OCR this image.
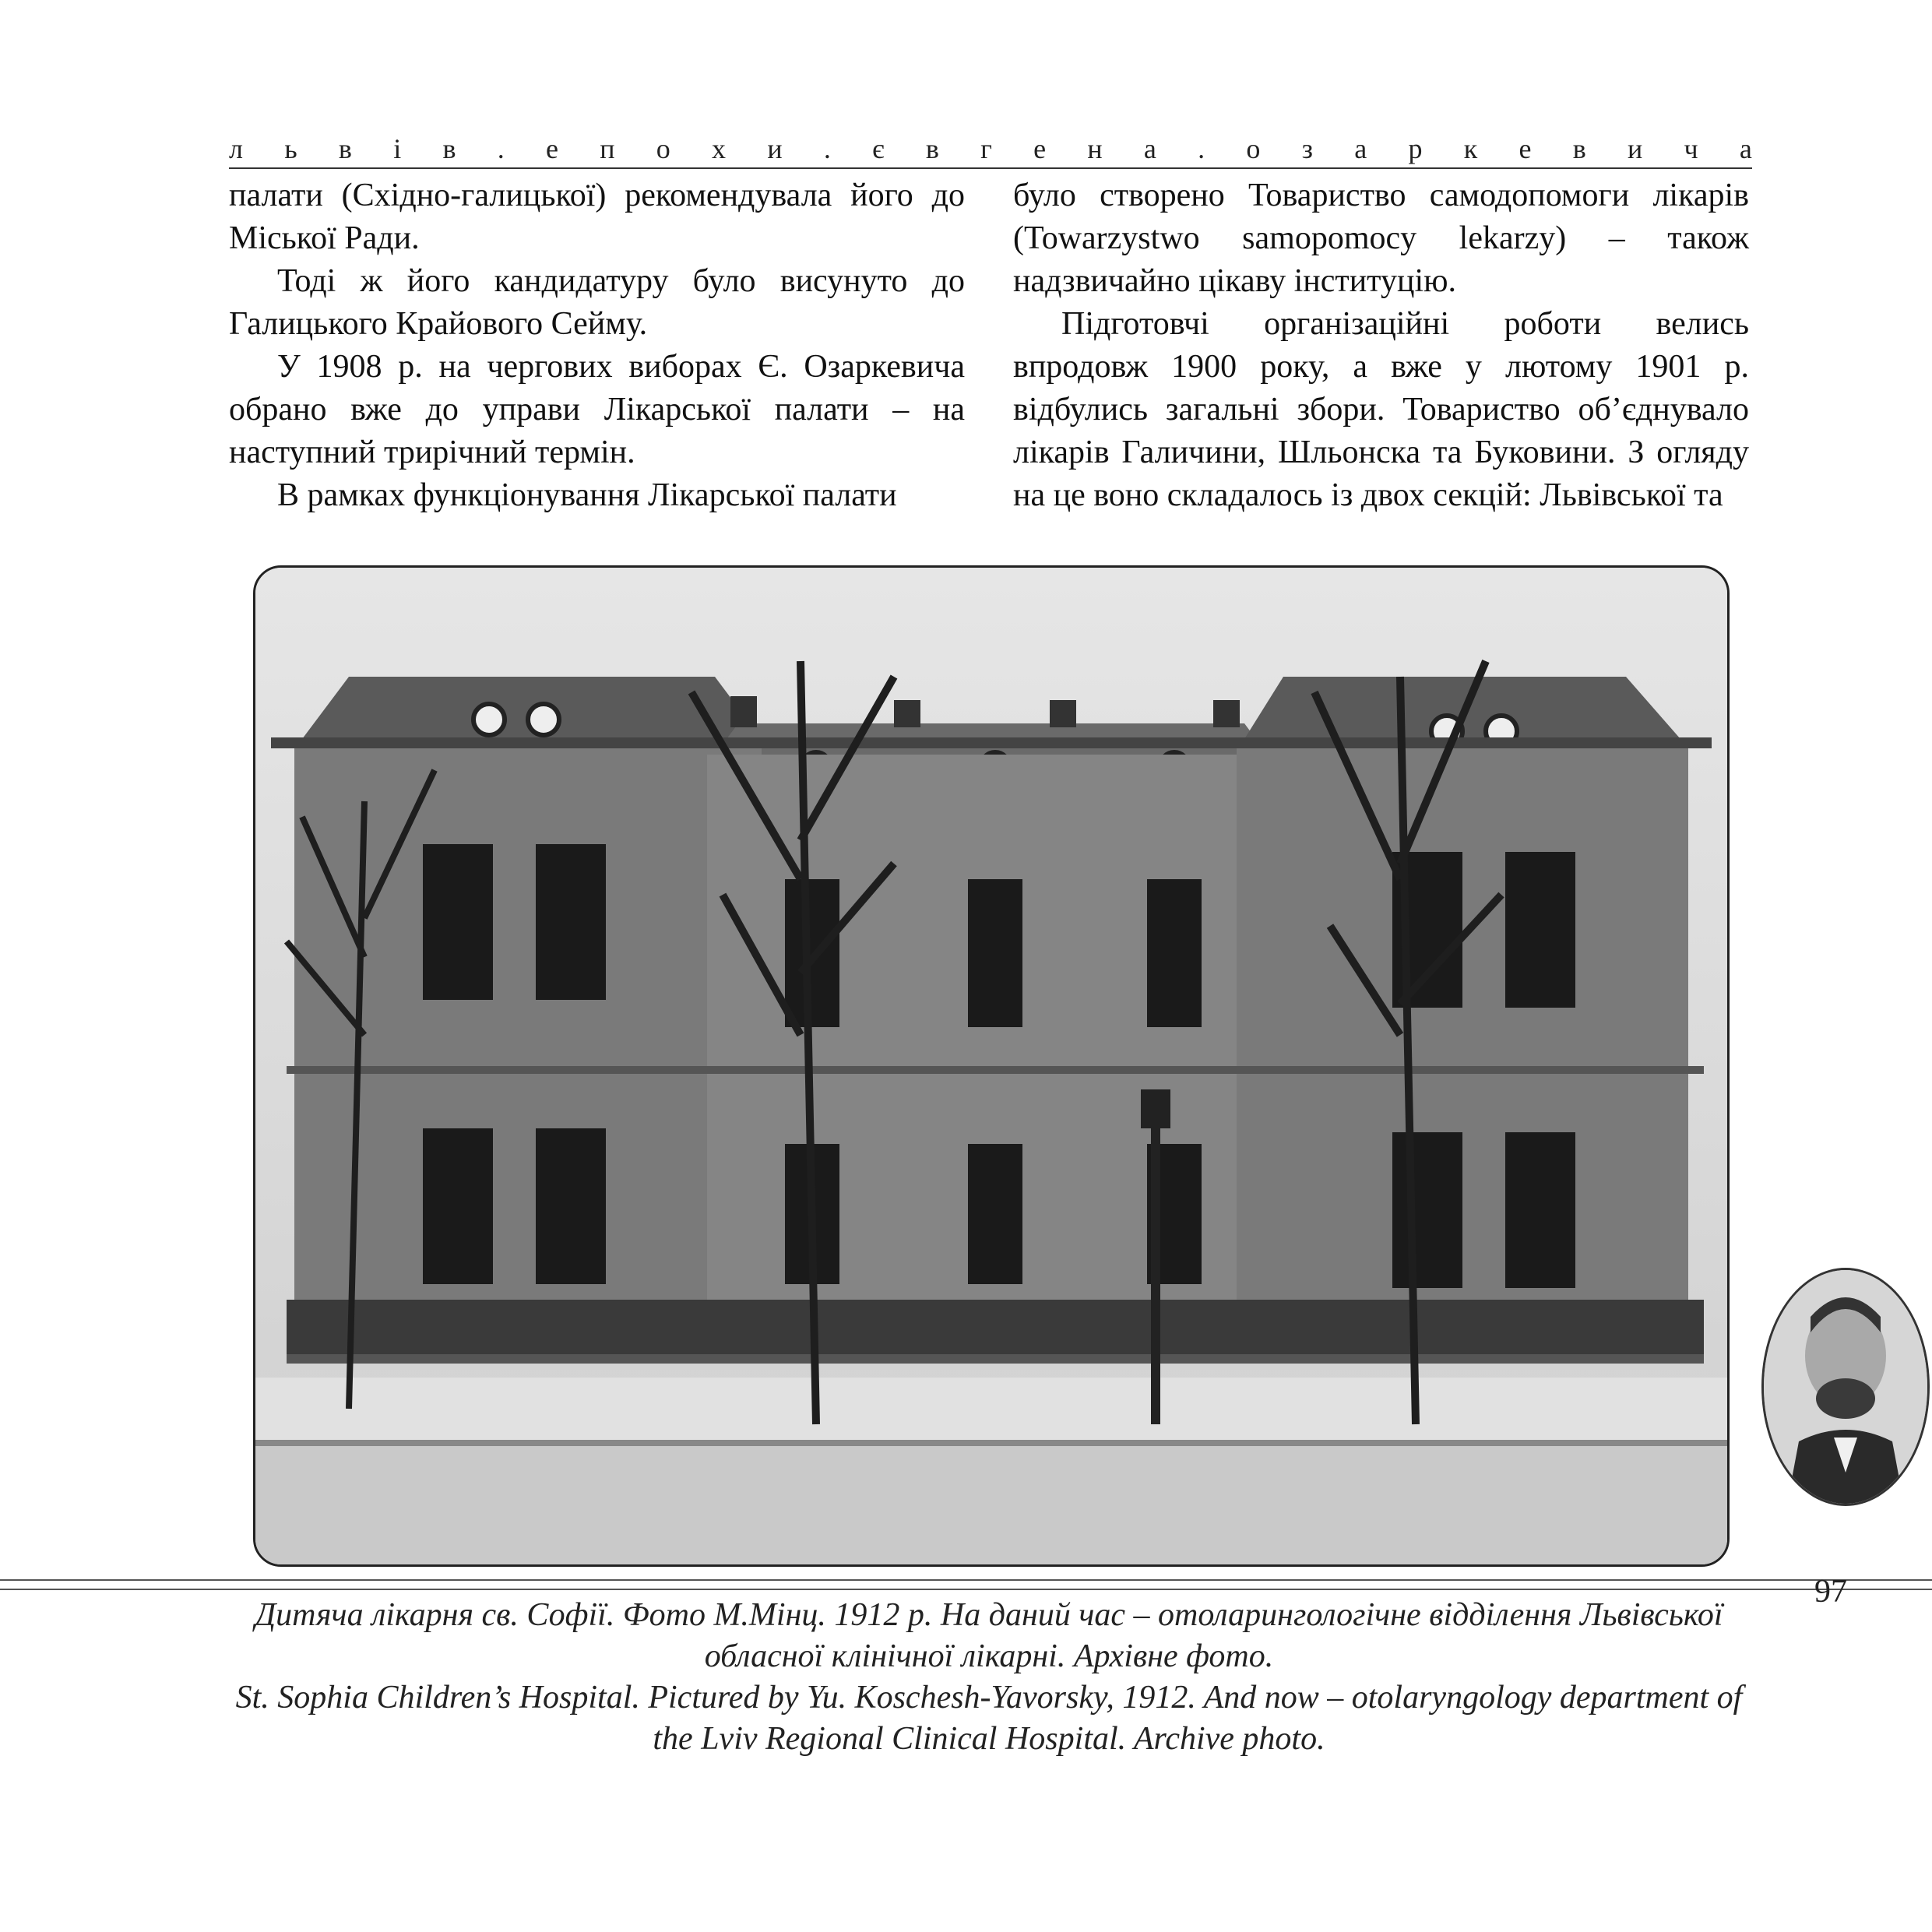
л ь в і в . е п о х и . є в г е н а . о з а р к е в и ч а

палати (Східно-галицької) рекомендувала його до Міської Ради.

Тоді ж його кандидатуру було висунуто до Галицького Крайового Сейму.

У 1908 р. на чергових виборах Є. Озаркевича обрано вже до управи Лікарської палати – на наступний трирічний термін.

В рамках функціонування Лікарської палати

було створено Товариство самодопомоги лікарів (Towarzystwo samopomocy lekarzy) – також надзвичайно цікаву інституцію.

Підготовчі організаційні роботи велись впродовж 1900 року, а вже у лютому 1901 р. відбулись загальні збори. Товариство об’єднувало лікарів Галичини, Шльонска та Буковини. З огляду на це воно складалось із двох секцій: Львівської та

97

Дитяча лікарня св. Софії. Фото М.Мінц. 1912 р. На даний час – отоларингологічне відділення Львівської обласної клінічної лікарні. Архівне фото.

St. Sophia Children’s Hospital. Pictured by Yu. Koschesh-Yavorsky, 1912. And now – otolaryngology department of the Lviv Regional Clinical Hospital. Archive photo.
